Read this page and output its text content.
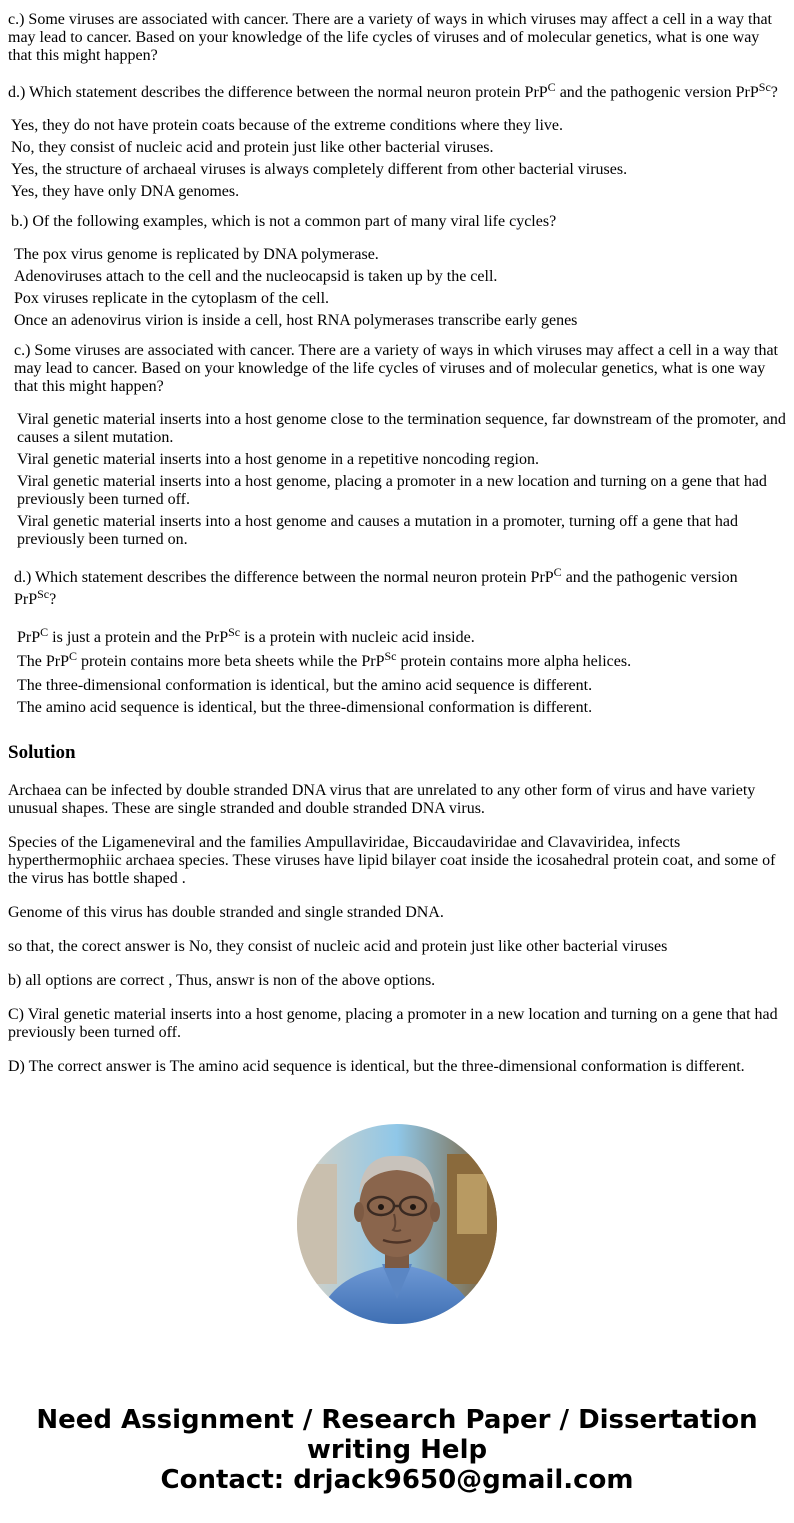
c.) Some viruses are associated with cancer. There are a variety of ways in which viruses may affect a cell in a way that may lead to cancer. Based on your knowledge of the life cycles of viruses and of molecular genetics, what is one way that this might happen?

d.) Which statement describes the difference between the normal neuron protein PrP$^C$ and the pathogenic version PrP$^{Sc}$?

Yes, they do not have protein coats because of the extreme conditions where they live.
No, they consist of nucleic acid and protein just like other bacterial viruses.
Yes, the structure of archaeal viruses is always completely different from other bacterial viruses.
Yes, they have only DNA genomes.

b.) Of the following examples, which is not a common part of many viral life cycles?

The pox virus genome is replicated by DNA polymerase.
Adenoviruses attach to the cell and the nucleocapsid is taken up by the cell.
Pox viruses replicate in the cytoplasm of the cell.
Once an adenovirus virion is inside a cell, host RNA polymerases transcribe early genes

c.) Some viruses are associated with cancer. There are a variety of ways in which viruses may affect a cell in a way that may lead to cancer. Based on your knowledge of the life cycles of viruses and of molecular genetics, what is one way that this might happen?

Viral genetic material inserts into a host genome close to the termination sequence, far downstream of the promoter, and causes a silent mutation.
Viral genetic material inserts into a host genome in a repetitive noncoding region.
Viral genetic material inserts into a host genome, placing a promoter in a new location and turning on a gene that had previously been turned off.
Viral genetic material inserts into a host genome and causes a mutation in a promoter, turning off a gene that had previously been turned on.

d.) Which statement describes the difference between the normal neuron protein PrP$^C$ and the pathogenic version

PrP$^{Sc}$?

PrP$^C$ is just a protein and the PrP$^{Sc}$ is a protein with nucleic acid inside.
The PrP$^C$ protein contains more beta sheets while the PrP$^{Sc}$ protein contains more alpha helices.
The three-dimensional conformation is identical, but the amino acid sequence is different.
The amino acid sequence is identical, but the three-dimensional conformation is different.
Solution

Archaea can be infected by double stranded DNA virus that are unrelated to any other form of virus and have variety unusual shapes. These are single stranded and double stranded DNA virus.

Species of the Ligameneviral and the families Ampullaviridae, Biccaudaviridae and Clavaviridea, infects hyperthermophiic archaea species. These viruses have lipid bilayer coat inside the icosahedral protein coat, and some of the virus has bottle shaped .

Genome of this virus has double stranded and single stranded DNA.

so that, the corect answer is No, they consist of nucleic acid and protein just like other bacterial viruses

b) all options are correct , Thus, answr is non of the above options.

C) Viral genetic material inserts into a host genome, placing a promoter in a new location and turning on a gene that had previously been turned off.

D) The correct answer is The amino acid sequence is identical, but the three-dimensional conformation is different.

Need Assignment / Research Paper / Dissertation
writing Help
Contact: drjack9650@gmail.com
